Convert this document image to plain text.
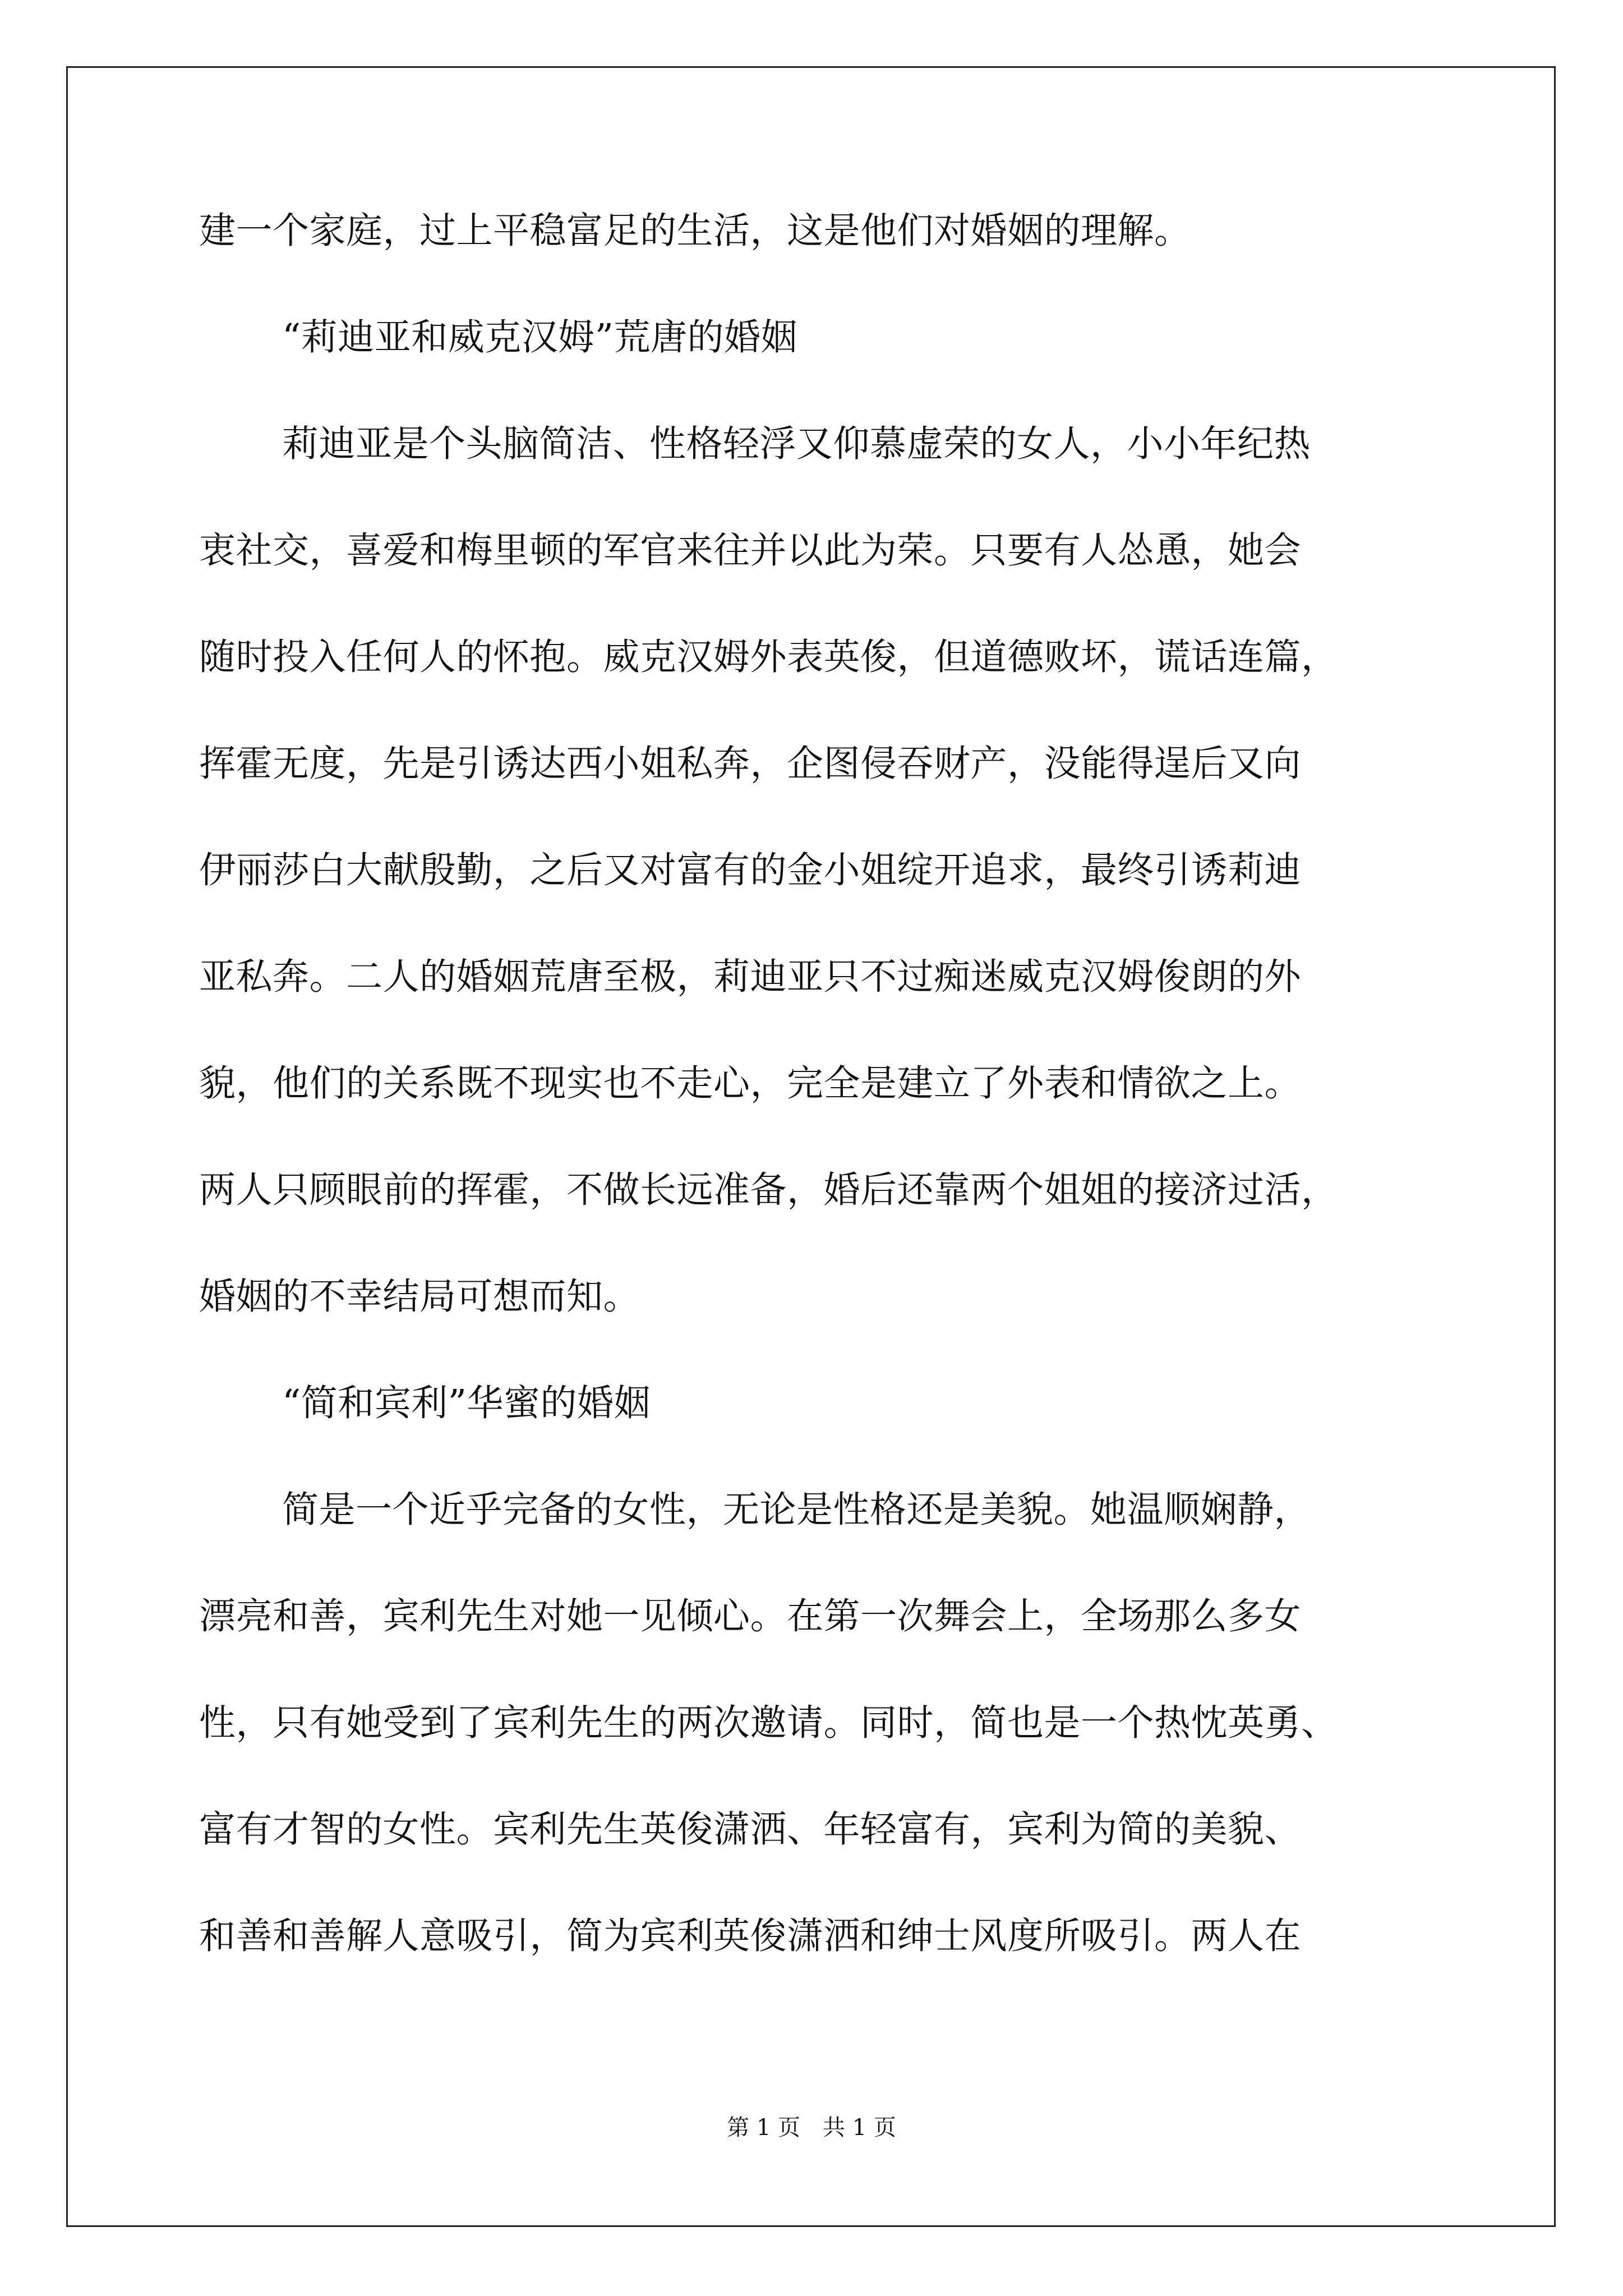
建一个家庭，过上平稳富足的生活，这是他们对婚姻的理解。
“莉迪亚和威克汉姆”荒唐的婚姻
莉迪亚是个头脑简洁、性格轻浮又仰慕虚荣的女人，小小年纪热
衷社交，喜爱和梅里顿的军官来往并以此为荣。只要有人怂恿，她会
随时投入任何人的怀抱。威克汉姆外表英俊，但道德败坏，谎话连篇，
挥霍无度，先是引诱达西小姐私奔，企图侵吞财产，没能得逞后又向
伊丽莎白大献殷勤，之后又对富有的金小姐绽开追求，最终引诱莉迪
亚私奔。二人的婚姻荒唐至极，莉迪亚只不过痴迷威克汉姆俊朗的外
貌，他们的关系既不现实也不走心，完全是建立了外表和情欲之上。
两人只顾眼前的挥霍，不做长远准备，婚后还靠两个姐姐的接济过活，
婚姻的不幸结局可想而知。
“简和宾利”华蜜的婚姻
简是一个近乎完备的女性，无论是性格还是美貌。她温顺娴静，
漂亮和善，宾利先生对她一见倾心。在第一次舞会上，全场那么多女
性，只有她受到了宾利先生的两次邀请。同时，简也是一个热忱英勇、
富有才智的女性。宾利先生英俊潇洒、年轻富有，宾利为简的美貌、
和善和善解人意吸引，简为宾利英俊潇洒和绅士风度所吸引。两人在
第 1 页　共 1 页
